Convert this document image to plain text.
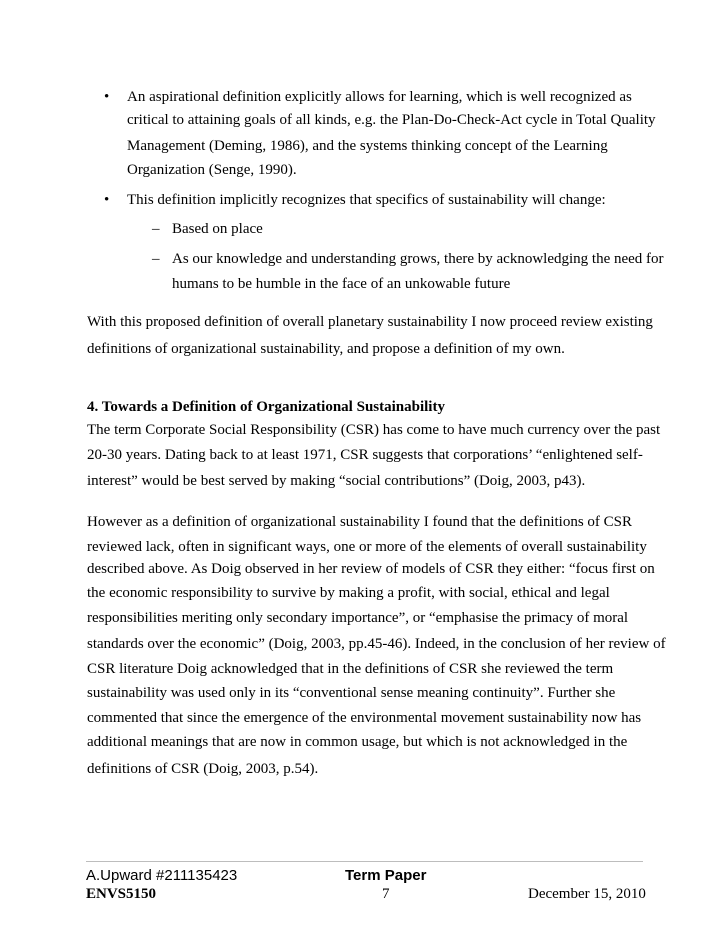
• An aspirational definition explicitly allows for learning, which is well recognized as
critical to attaining goals of all kinds, e.g. the Plan-Do-Check-Act cycle in Total Quality
Management (Deming, 1986), and the systems thinking concept of the Learning
Organization (Senge, 1990).
• This definition implicitly recognizes that specifics of sustainability will change:
– Based on place
– As our knowledge and understanding grows, there by acknowledging the need for
humans to be humble in the face of an unkowable future
With this proposed definition of overall planetary sustainability I now proceed review existing
definitions of organizational sustainability, and propose a definition of my own.
4. Towards a Definition of Organizational Sustainability
The term Corporate Social Responsibility (CSR) has come to have much currency over the past
20-30 years. Dating back to at least 1971, CSR suggests that corporations’ “enlightened self-
interest” would be best served by making “social contributions” (Doig, 2003, p43).
However as a definition of organizational sustainability I found that the definitions of CSR
reviewed lack, often in significant ways, one or more of the elements of overall sustainability
described above. As Doig observed in her review of models of CSR they either: “focus first on
the economic responsibility to survive by making a profit, with social, ethical and legal
responsibilities meriting only secondary importance”, or “emphasise the primacy of moral
standards over the economic” (Doig, 2003, pp.45-46). Indeed, in the conclusion of her review of
CSR literature Doig acknowledged that in the definitions of CSR she reviewed the term
sustainability was used only in its “conventional sense meaning continuity”. Further she
commented that since the emergence of the environmental movement sustainability now has
additional meanings that are now in common usage, but which is not acknowledged in the
definitions of CSR (Doig, 2003, p.54).
A.Upward #211135423	Term Paper
ENVS5150	7	December 15, 2010
